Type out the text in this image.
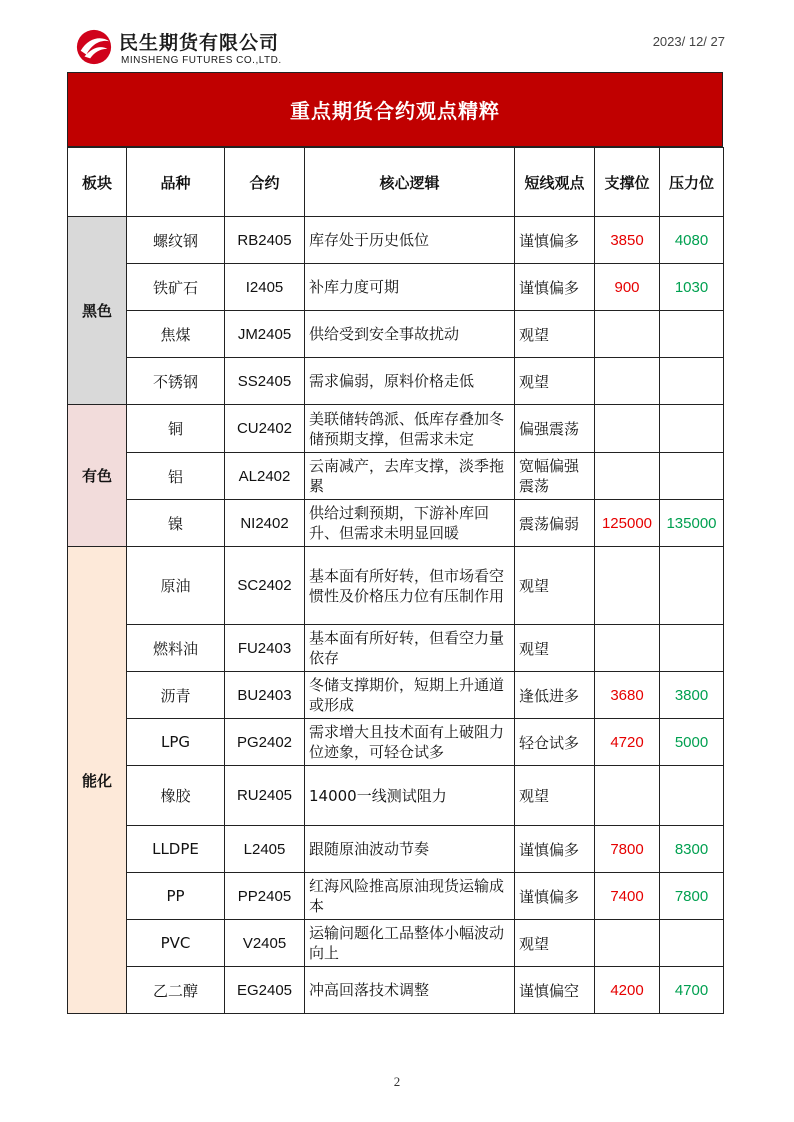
民生期货有限公司
MINSHENG FUTURES CO.,LTD.
2023/ 12/ 27
重点期货合约观点精粹
板块	品种	合约	核心逻辑	短线观点	支撑位	压力位
黑色	螺纹钢	RB2405	库存处于历史低位	谨慎偏多	3850	4080
	铁矿石	I2405	补库力度可期	谨慎偏多	900	1030
	焦煤	JM2405	供给受到安全事故扰动	观望		
	不锈钢	SS2405	需求偏弱，原料价格走低	观望		
有色	铜	CU2402	美联储转鸽派、低库存叠加冬储预期支撑，但需求未定	偏强震荡		
	铝	AL2402	云南减产，去库支撑，淡季拖累	宽幅偏强震荡		
	镍	NI2402	供给过剩预期，下游补库回升、但需求未明显回暖	震荡偏弱	125000	135000
能化	原油	SC2402	基本面有所好转，但市场看空惯性及价格压力位有压制作用	观望		
	燃料油	FU2403	基本面有所好转，但看空力量依存	观望		
	沥青	BU2403	冬储支撑期价，短期上升通道或形成	逢低进多	3680	3800
	LPG	PG2402	需求增大且技术面有上破阻力位迹象，可轻仓试多	轻仓试多	4720	5000
	橡胶	RU2405	14000一线测试阻力	观望		
	LLDPE	L2405	跟随原油波动节奏	谨慎偏多	7800	8300
	PP	PP2405	红海风险推高原油现货运输成本	谨慎偏多	7400	7800
	PVC	V2405	运输问题化工品整体小幅波动向上	观望		
	乙二醇	EG2405	冲高回落技术调整	谨慎偏空	4200	4700
2
